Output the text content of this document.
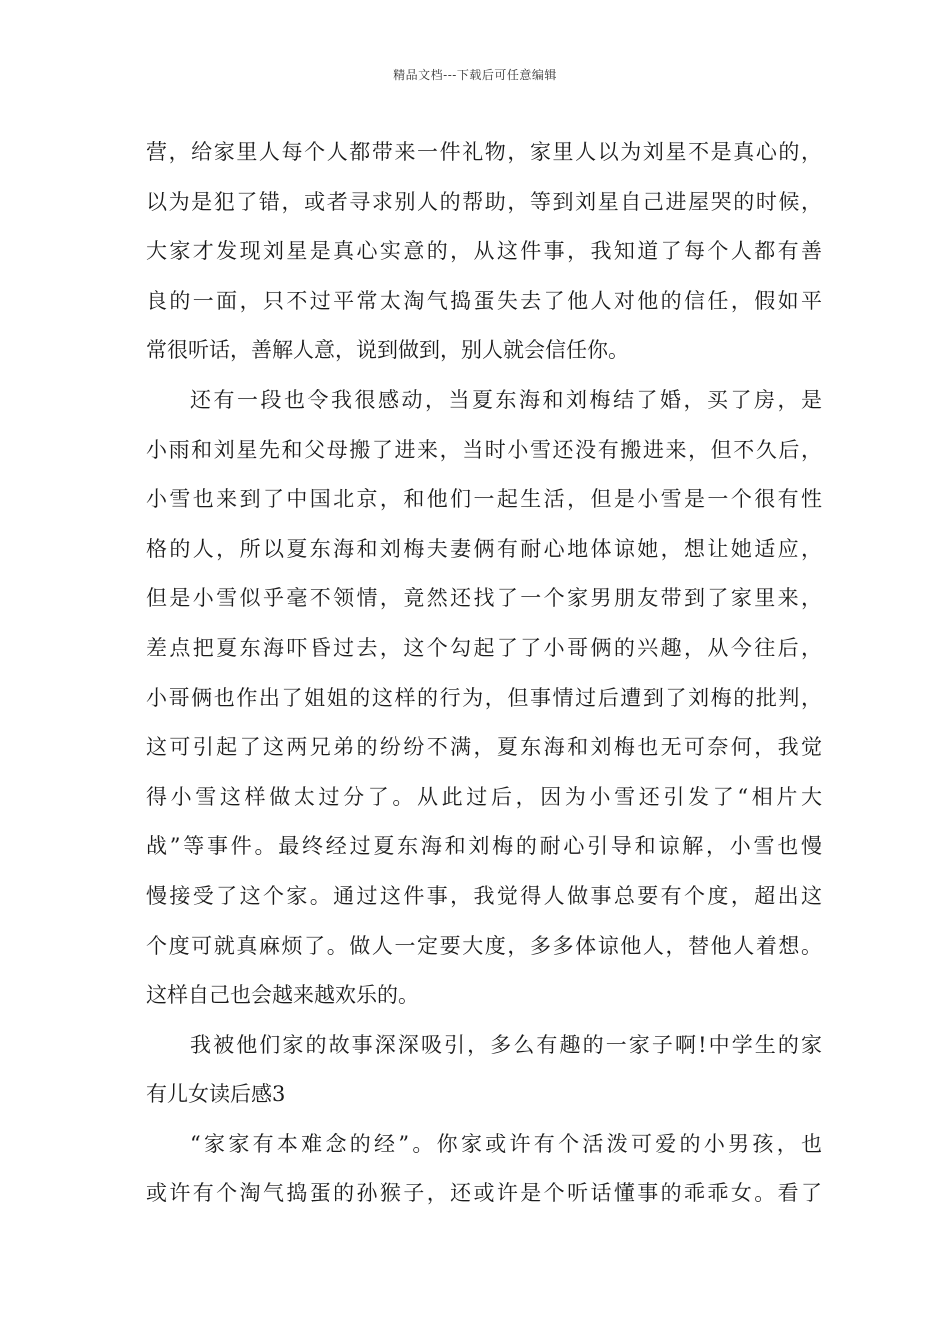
精品文档---下载后可任意编辑
营，给家里人每个人都带来一件礼物，家里人以为刘星不是真心的，
以为是犯了错，或者寻求别人的帮助，等到刘星自己进屋哭的时候，
大家才发现刘星是真心实意的，从这件事，我知道了每个人都有善
良的一面，只不过平常太淘气捣蛋失去了他人对他的信任，假如平
常很听话，善解人意，说到做到，别人就会信任你。
还有一段也令我很感动，当夏东海和刘梅结了婚，买了房，是
小雨和刘星先和父母搬了进来，当时小雪还没有搬进来，但不久后，
小雪也来到了中国北京，和他们一起生活，但是小雪是一个很有性
格的人，所以夏东海和刘梅夫妻俩有耐心地体谅她，想让她适应，
但是小雪似乎毫不领情，竟然还找了一个家男朋友带到了家里来，
差点把夏东海吓昏过去，这个勾起了了小哥俩的兴趣，从今往后，
小哥俩也作出了姐姐的这样的行为，但事情过后遭到了刘梅的批判，
这可引起了这两兄弟的纷纷不满，夏东海和刘梅也无可奈何，我觉
得小雪这样做太过分了。从此过后，因为小雪还引发了“相片大
战”等事件。最终经过夏东海和刘梅的耐心引导和谅解，小雪也慢
慢接受了这个家。通过这件事，我觉得人做事总要有个度，超出这
个度可就真麻烦了。做人一定要大度，多多体谅他人，替他人着想。
这样自己也会越来越欢乐的。
我被他们家的故事深深吸引，多么有趣的一家子啊!中学生的家
有儿女读后感3
“家家有本难念的经”。你家或许有个活泼可爱的小男孩，也
或许有个淘气捣蛋的孙猴子，还或许是个听话懂事的乖乖女。看了
